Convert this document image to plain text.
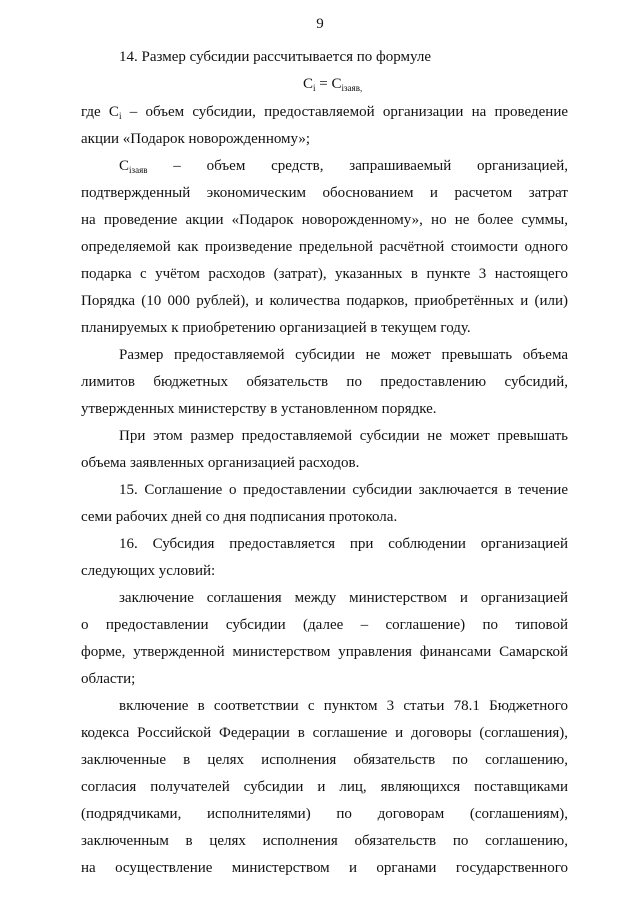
9
14. Размер субсидии рассчитывается по формуле
$C_i = C_{iзаяв,}$
где $C_i$ – объем субсидии, предоставляемой организации на проведение
акции «Подарок новорожденному»;
$C_{iзаяв}$ – объем средств, запрашиваемый организацией,
подтвержденный экономическим обоснованием и расчетом затрат
на проведение акции «Подарок новорожденному», но не более суммы,
определяемой как произведение предельной расчётной стоимости одного
подарка с учётом расходов (затрат), указанных в пункте 3 настоящего
Порядка (10 000 рублей), и количества подарков, приобретённых и (или)
планируемых к приобретению организацией в текущем году.
Размер предоставляемой субсидии не может превышать объема
лимитов бюджетных обязательств по предоставлению субсидий,
утвержденных министерству в установленном порядке.
При этом размер предоставляемой субсидии не может превышать
объема заявленных организацией расходов.
15. Соглашение о предоставлении субсидии заключается в течение
семи рабочих дней со дня подписания протокола.
16. Субсидия предоставляется при соблюдении организацией
следующих условий:
заключение соглашения между министерством и организацией
о предоставлении субсидии (далее – соглашение) по типовой
форме, утвержденной министерством управления финансами Самарской
области;
включение в соответствии с пунктом 3 статьи 78.1 Бюджетного
кодекса Российской Федерации в соглашение и договоры (соглашения),
заключенные в целях исполнения обязательств по соглашению,
согласия получателей субсидии и лиц, являющихся поставщиками
(подрядчиками, исполнителями) по договорам (соглашениям),
заключенным в целях исполнения обязательств по соглашению,
на осуществление министерством и органами государственного
